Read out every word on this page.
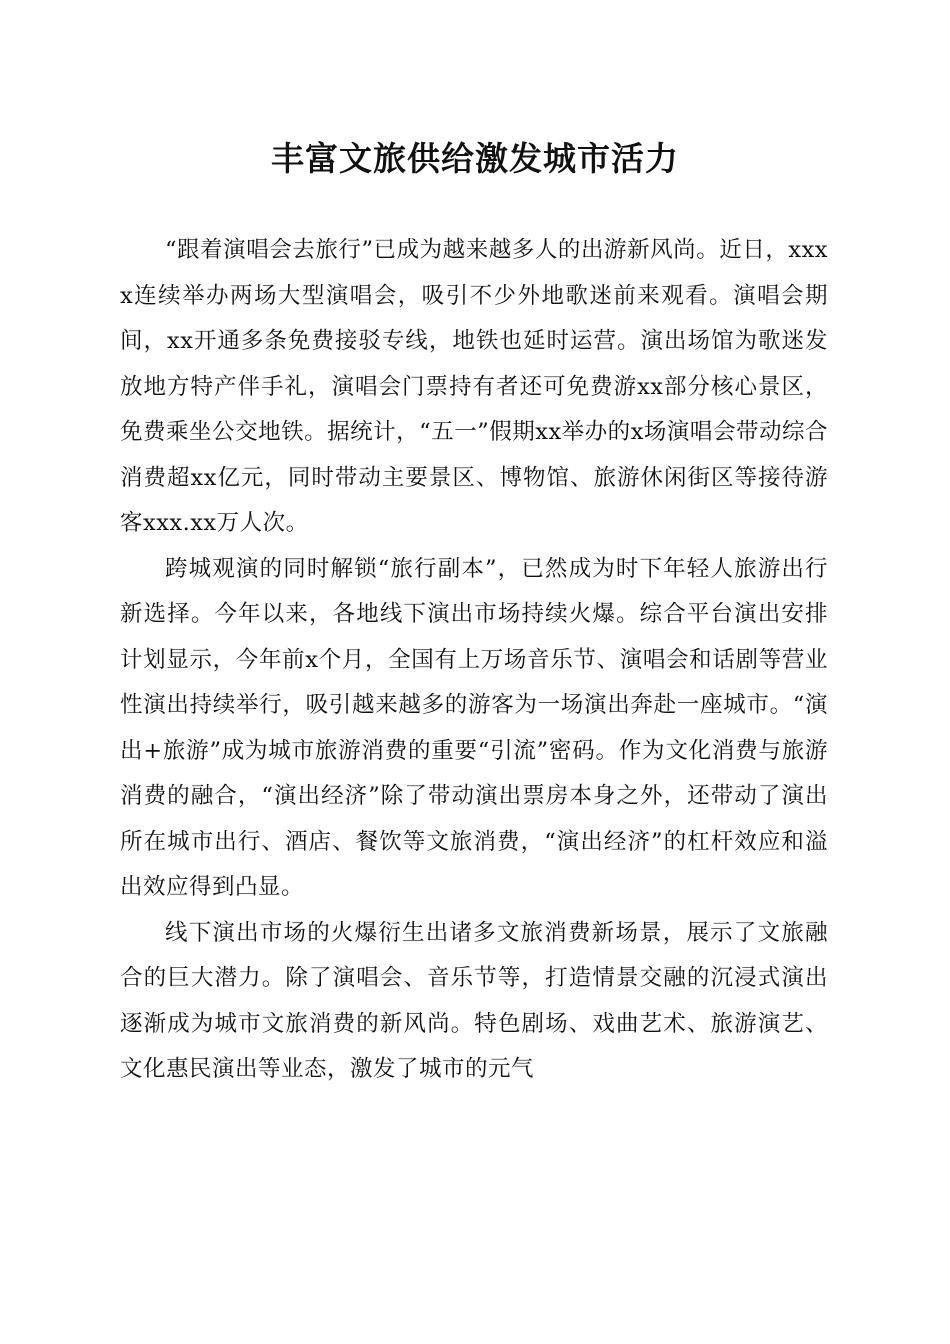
丰富文旅供给激发城市活力

“跟着演唱会去旅行”已成为越来越多人的出游新风尚。近日，xxxx连续举办两场大型演唱会，吸引不少外地歌迷前来观看。演唱会期间，xx开通多条免费接驳专线，地铁也延时运营。演出场馆为歌迷发放地方特产伴手礼，演唱会门票持有者还可免费游xx部分核心景区，免费乘坐公交地铁。据统计，“五一”假期xx举办的x场演唱会带动综合消费超xx亿元，同时带动主要景区、博物馆、旅游休闲街区等接待游客xxx.xx万人次。

跨城观演的同时解锁“旅行副本”，已然成为时下年轻人旅游出行新选择。今年以来，各地线下演出市场持续火爆。综合平台演出安排计划显示，今年前x个月，全国有上万场音乐节、演唱会和话剧等营业性演出持续举行，吸引越来越多的游客为一场演出奔赴一座城市。“演出+旅游”成为城市旅游消费的重要“引流”密码。作为文化消费与旅游消费的融合，“演出经济”除了带动演出票房本身之外，还带动了演出所在城市出行、酒店、餐饮等文旅消费，“演出经济”的杠杆效应和溢出效应得到凸显。

线下演出市场的火爆衍生出诸多文旅消费新场景，展示了文旅融合的巨大潜力。除了演唱会、音乐节等，打造情景交融的沉浸式演出逐渐成为城市文旅消费的新风尚。特色剧场、戏曲艺术、旅游演艺、文化惠民演出等业态，激发了城市的元气
